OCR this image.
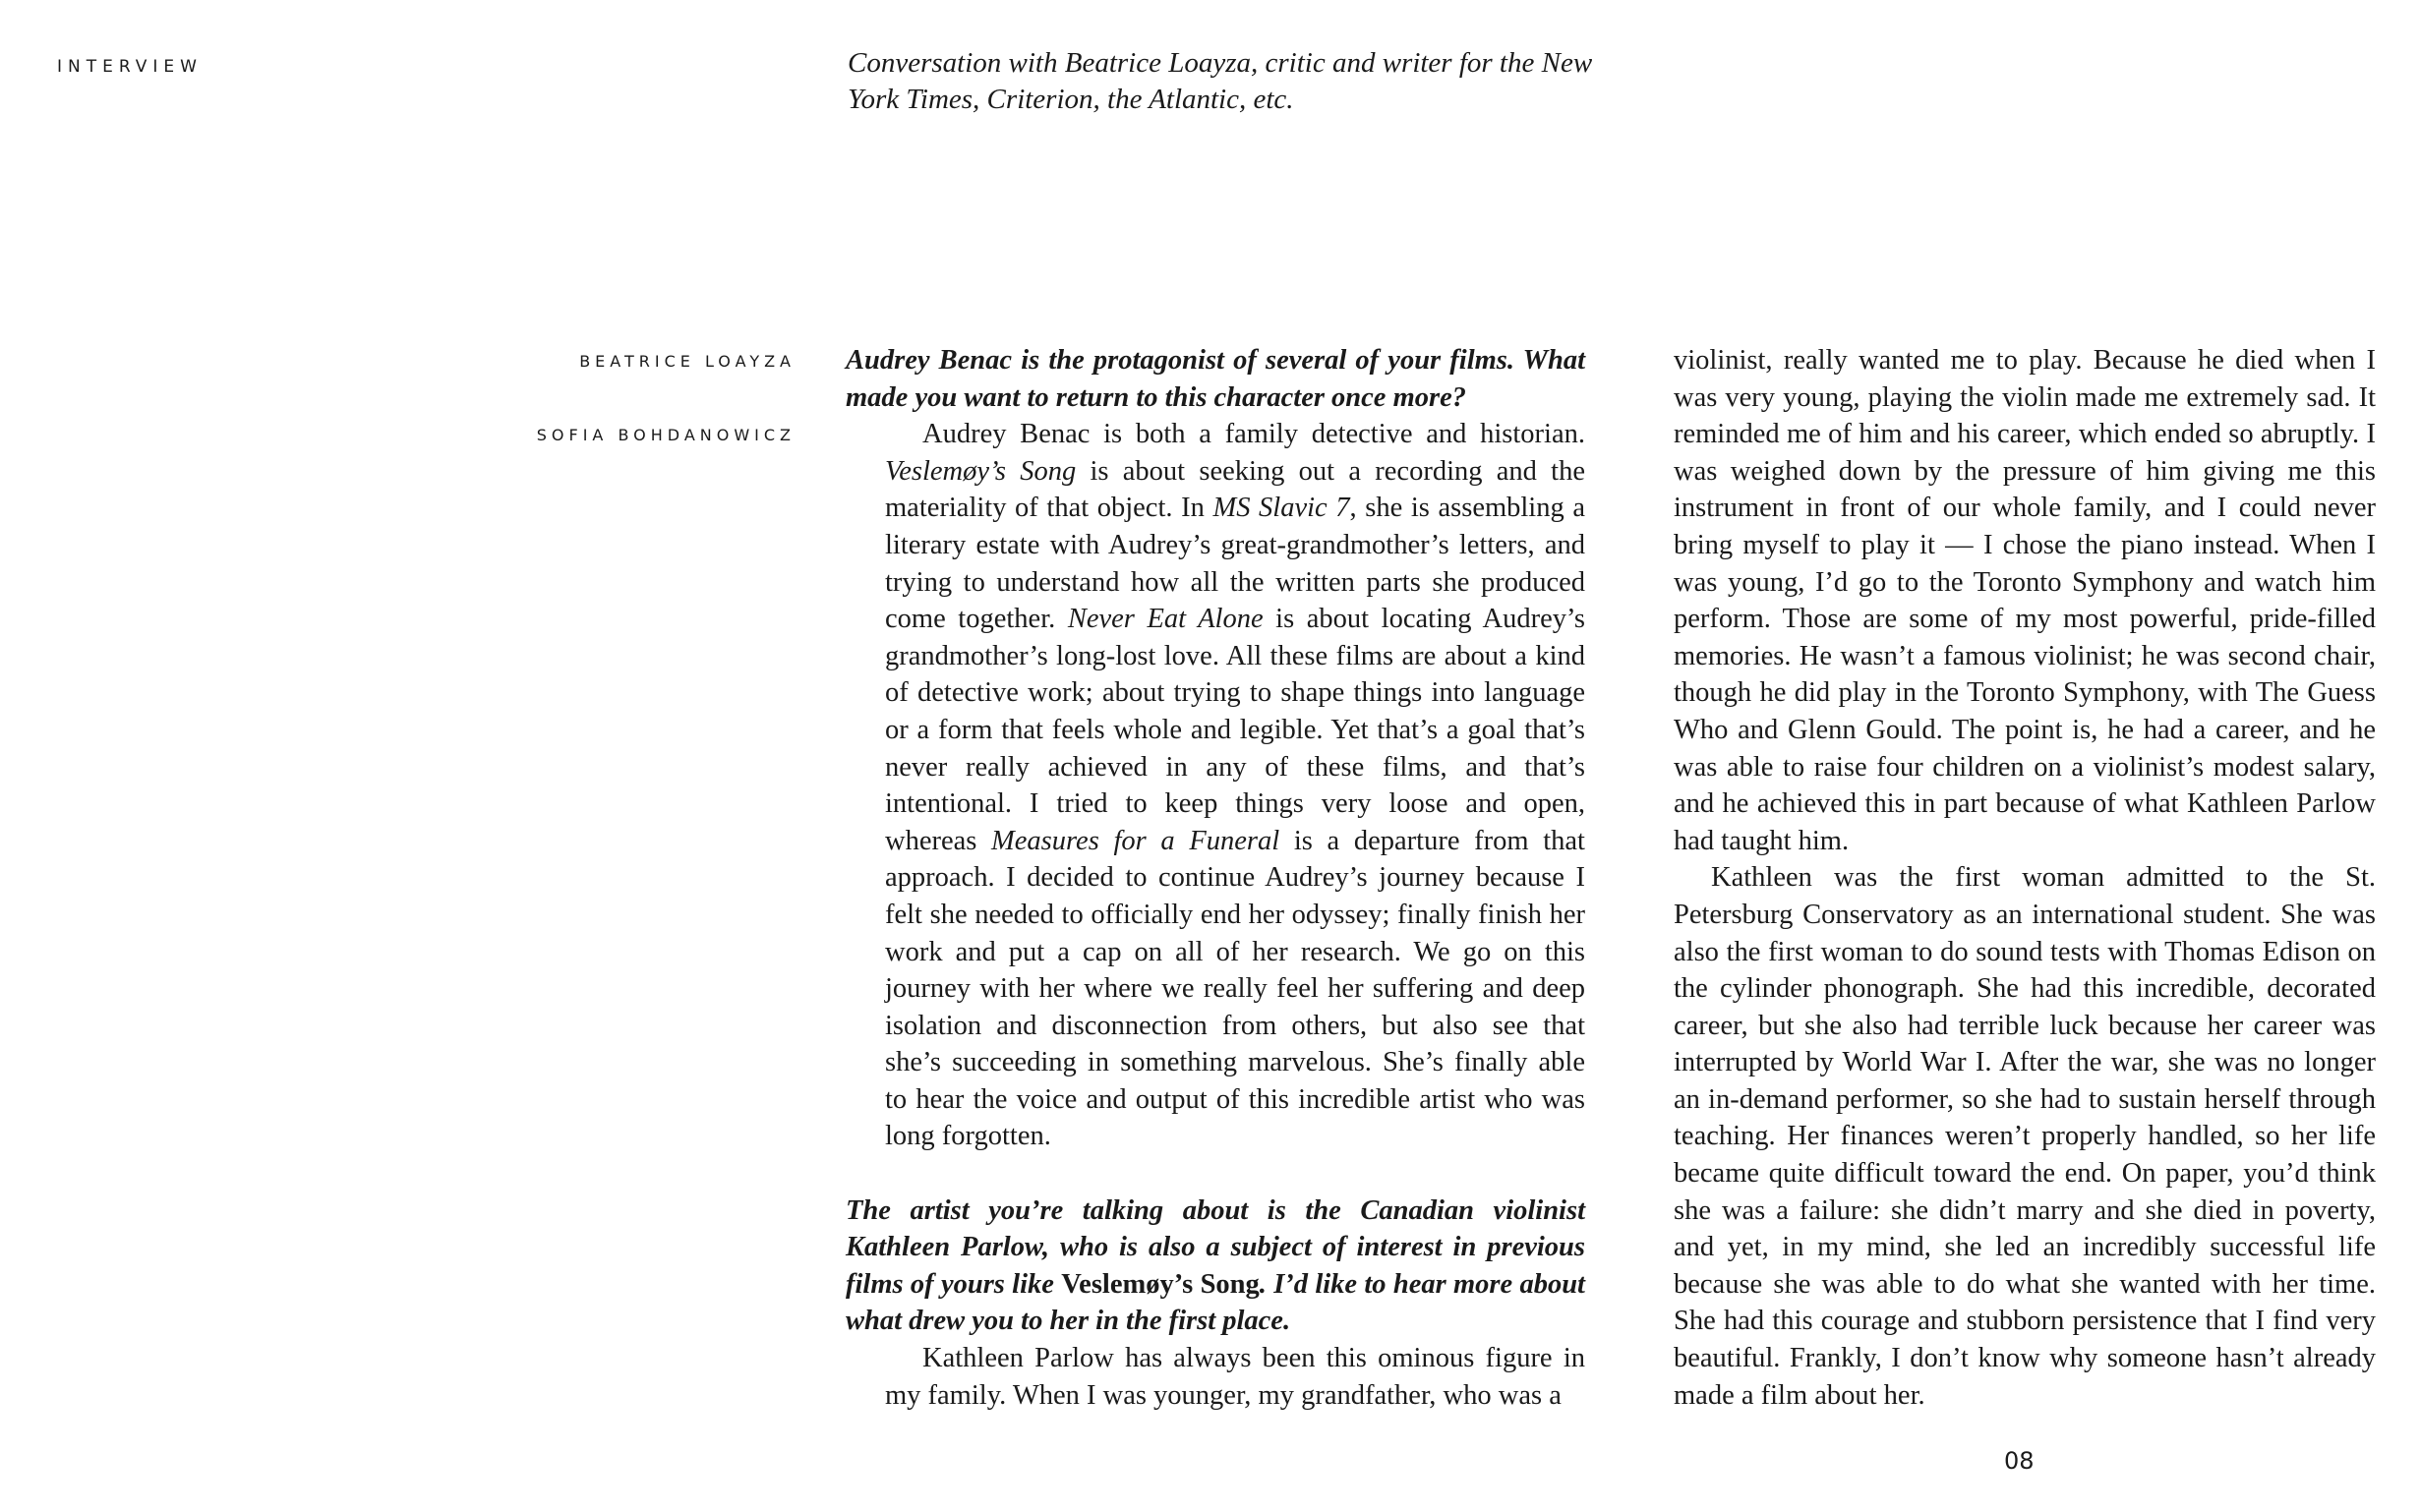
INTERVIEW	Conversation with Beatrice Loayza, critic and writer for the New York Times, Criterion, the Atlantic, etc.
BEATRICE LOAYZA
SOFIA BOHDANOWICZ

Audrey Benac is the protagonist of several of your films. What made you want to return to this character once more?

Audrey Benac is both a family detective and historian. Veslemøy’s Song is about seeking out a recording and the materiality of that object. In MS Slavic 7, she is assembling a literary estate with Audrey’s great-grandmother’s letters, and trying to understand how all the written parts she produced come together. Never Eat Alone is about locating Audrey’s grandmother’s long-lost love. All these films are about a kind of detective work; about trying to shape things into language or a form that feels whole and legible. Yet that’s a goal that’s never really achieved in any of these films, and that’s intentional. I tried to keep things very loose and open, whereas Measures for a Funeral is a departure from that approach. I decided to continue Audrey’s journey because I felt she needed to officially end her odyssey; finally finish her work and put a cap on all of her research. We go on this journey with her where we really feel her suffering and deep isolation and disconnection from others, but also see that she’s succeeding in something marvelous. She’s finally able to hear the voice and output of this incredible artist who was long forgotten.

The artist you’re talking about is the Canadian violinist Kathleen Parlow, who is also a subject of interest in previous films of yours like Veslemøy’s Song. I’d like to hear more about what drew you to her in the first place.

Kathleen Parlow has always been this ominous figure in my family. When I was younger, my grandfather, who was a

violinist, really wanted me to play. Because he died when I was very young, playing the violin made me extremely sad. It reminded me of him and his career, which ended so abruptly. I was weighed down by the pressure of him giving me this instrument in front of our whole family, and I could never bring myself to play it — I chose the piano instead. When I was young, I’d go to the Toronto Symphony and watch him perform. Those are some of my most powerful, pride-filled memories. He wasn’t a famous violinist; he was second chair, though he did play in the Toronto Symphony, with The Guess Who and Glenn Gould. The point is, he had a career, and he was able to raise four children on a violinist’s modest salary, and he achieved this in part because of what Kathleen Parlow had taught him.

Kathleen was the first woman admitted to the St. Petersburg Conservatory as an international student. She was also the first woman to do sound tests with Thomas Edison on the cylinder phonograph. She had this incredible, decorated career, but she also had terrible luck because her career was interrupted by World War I. After the war, she was no longer an in-demand performer, so she had to sustain herself through teaching. Her finances weren’t properly handled, so her life became quite difficult toward the end. On paper, you’d think she was a failure: she didn’t marry and she died in poverty, and yet, in my mind, she led an incredibly successful life because she was able to do what she wanted with her time. She had this courage and stubborn persistence that I find very beautiful. Frankly, I don’t know why someone hasn’t already made a film about her.

08
